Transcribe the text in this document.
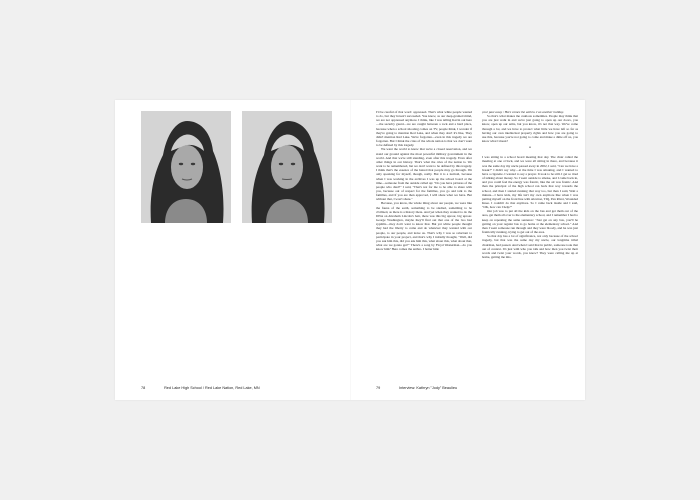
I'd be careful of that word: oppressed. That's what white people wanted to do, but they haven't succeeded. You know, as our deep-grained mind, we are not oppressed anymore. I think, like I was telling Kevin out here—the security guard—we are caught between a rock and a hard place, because when a school shooting comes on TV, people think, I wonder if they're going to mention Red Lake, and when they don't it's like, They didn't mention Red Lake. We're forgotten—even in this tragedy we are forgotten. But I think the cries of the whole nation is that we don't want to be defined by this tragedy.

We want the world to know that we're a closed reservation, and we stand our ground against the most powerful military government in the world. And that we're still standing, even after this tragedy. Even after other things in our history. That's what the cries of the nation is. We want to be remembered, but we don't want to be defined by this tragedy. I think that's the essence of the hatred that people may go through. I'm only speaking for myself, though, really. But it is a turmoil, because when I was working in the archives I was up the school board at the time—someone from the outside called up: "Do you have pictures of the people who died?" I said, "That's not for me to be able to share with you, because out of respect for the families, you go and talk to the families, and if you are then approved, I will share what we have. But without that, I won't share."

Because, you know, the whole thing about our people, we were like the fauna of the earth, something to be studied, something to be civilized, as there is a history there. And yet when they wanted to do the DNA on Abraham Lincoln's hair, there was this big uproar, big uproar. George Washington, maybe they'll find out that one of the two had syphilis—they don't want to know that. But yet white people thought they had the liberty to come and do whatever they wanted with our people, to our people, and leave us. That's why I was so reluctant to participate in your project, and that's why I initially thought, "Well, did you ask him this, did you ask him this, what about this, what about that, what are we gonna get?" There's a song by Floyd Westerman—do you know him? Here comes the anthro. I better hide

your past away / Here comes the anthro. I an another holiday.

So that's what makes me cautious sometimes. People may think that you are just walk in and we're just going to open up our doors, you know, open up our arms, but you know, it's not that way. We've come through a lot, and we have to protect what little we have left so far as having our own intellectual property rights and how you are going to use this, because you're not going to come and make a dime off us, you know what I mean?

•

I was sitting in a school board meeting that day. The chair called the meeting at one o'clock, and we were all sitting in there, and because it was the same day my uncle passed away in 2002, I said, "Can we have a break?" I didn't say why—at the time I was smoking, and I wanted to have a cigarette. I wanted to say a prayer. It took to be still. I get so tired of talking about money. So I went outside to smoke, and I came back in, and you could feel the energy was frantic, like the air was frantic. And then the principal of the high school ran back that way towards the school, and then I started running that way too, but then I said, Wait a minute—I have kids, my life isn't my own anymore like when I was putting myself on the front line with Alcatraz, TIQ, Pan River, Wounded Knee. I couldn't do that anymore. So I came back inside and I said, "OK, how can I help?"

Our job was to put all the kids on the bus and get them out of the area, get them all over to the elementary school, and I remember I had to keep on repeating the same sentence: "Just get on any bus, you'll be getting on your regular bus to go home at the elementary school." And then I went someone run through and they were bloody, and he was just frantically running, trying to get out of the area.

So that day has a lot of significance, not only because of the school tragedy, but that was the same day my uncle, our longtime tribal chairman, had passed. And when I said that in public, someone took that out of context. It's just with who you talk and how then you twist their words and twist your words, you know? They were calling me up at home, getting me mis-

78	Red Lake High School / Red Lake Nation, Red Lake, MN	79	Interview: Kathryn "Jody" Beaulieu
